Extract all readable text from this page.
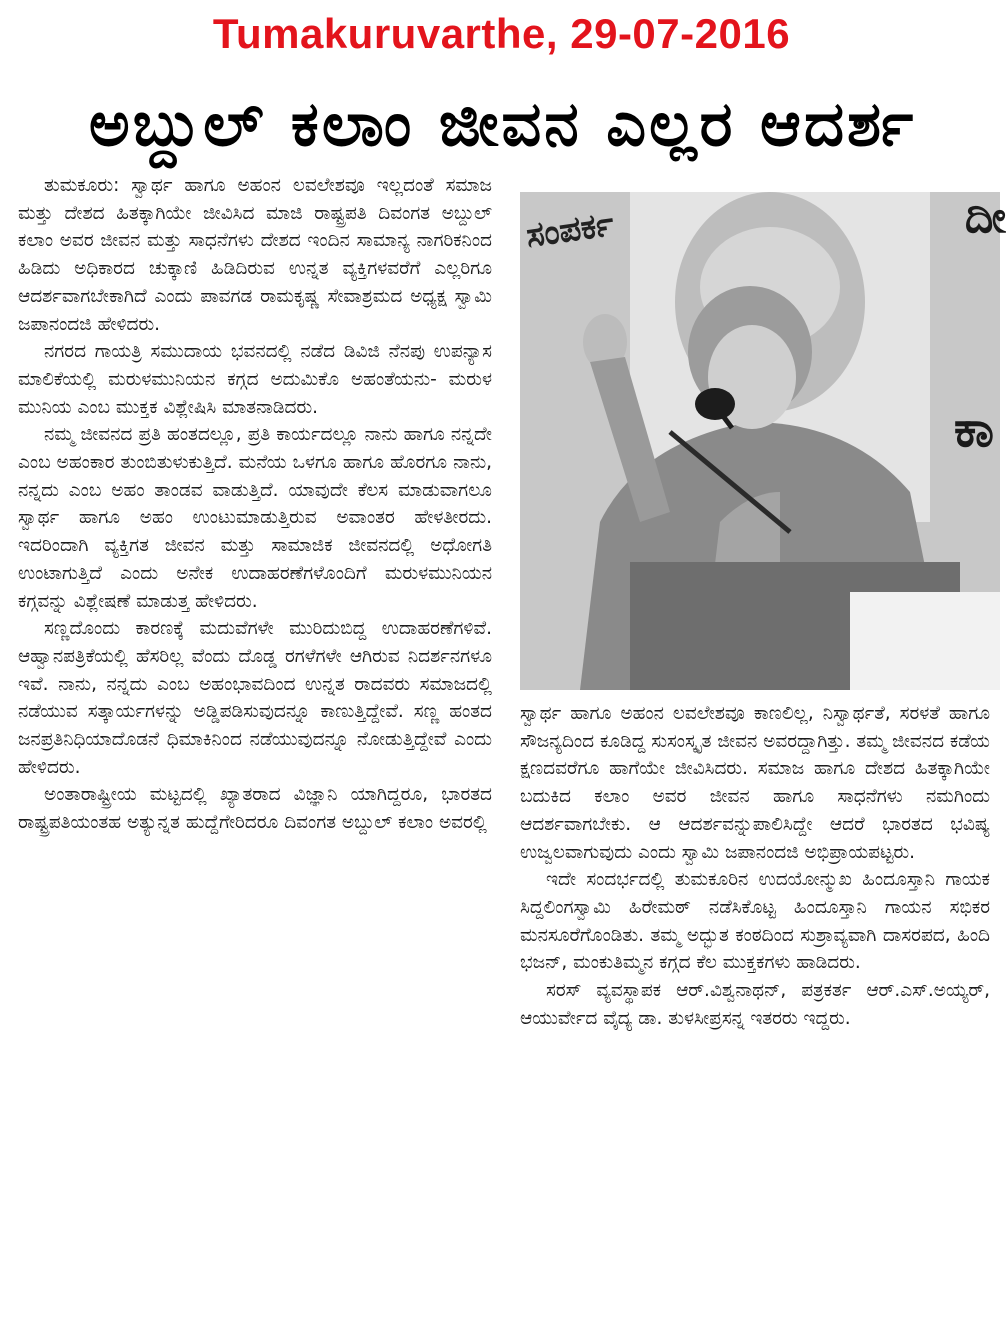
Tumakuruvarthe, 29-07-2016
ಅಬ್ದುಲ್ ಕಲಾಂ ಜೀವನ ಎಲ್ಲರ ಆದರ್ಶ

ತುಮಕೂರು: ಸ್ವಾರ್ಥ ಹಾಗೂ ಅಹಂನ ಲವಲೇಶವೂ ಇಲ್ಲದಂತೆ ಸಮಾಜ ಮತ್ತು ದೇಶದ ಹಿತಕ್ಕಾಗಿಯೇ ಜೀವಿಸಿದ ಮಾಜಿ ರಾಷ್ಟ್ರಪತಿ ದಿವಂಗತ ಅಬ್ದುಲ್ ಕಲಾಂ ಅವರ ಜೀವನ ಮತ್ತು ಸಾಧನೆಗಳು ದೇಶದ ಇಂದಿನ ಸಾಮಾನ್ಯ ನಾಗರಿಕನಿಂದ ಹಿಡಿದು ಅಧಿಕಾರದ ಚುಕ್ಕಾಣಿ ಹಿಡಿದಿರುವ ಉನ್ನತ ವ್ಯಕ್ತಿಗಳವರೆಗೆ ಎಲ್ಲರಿಗೂ ಆದರ್ಶವಾಗಬೇಕಾಗಿದೆ ಎಂದು ಪಾವಗಡ ರಾಮಕೃಷ್ಣ ಸೇವಾಶ್ರಮದ ಅಧ್ಯಕ್ಷ ಸ್ವಾಮಿ ಜಪಾನಂದಜಿ ಹೇಳಿದರು.

ನಗರದ ಗಾಯತ್ರಿ ಸಮುದಾಯ ಭವನದಲ್ಲಿ ನಡೆದ ಡಿವಿಜಿ ನೆನಪು ಉಪನ್ಯಾಸ ಮಾಲಿಕೆಯಲ್ಲಿ ಮರುಳಮುನಿಯನ ಕಗ್ಗದ ಅದುಮಿಕೊ ಅಹಂತೆಯನು- ಮರುಳ ಮುನಿಯ ಎಂಬ ಮುಕ್ತಕ ವಿಶ್ಲೇಷಿಸಿ ಮಾತನಾಡಿದರು.

ನಮ್ಮ ಜೀವನದ ಪ್ರತಿ ಹಂತದಲ್ಲೂ, ಪ್ರತಿ ಕಾರ್ಯದಲ್ಲೂ ನಾನು ಹಾಗೂ ನನ್ನದೇ ಎಂಬ ಅಹಂಕಾರ ತುಂಬಿತುಳುಕುತ್ತಿದೆ. ಮನೆಯ ಒಳಗೂ ಹಾಗೂ ಹೊರಗೂ ನಾನು, ನನ್ನದು ಎಂಬ ಅಹಂ ತಾಂಡವ ವಾಡುತ್ತಿದೆ. ಯಾವುದೇ ಕೆಲಸ ಮಾಡುವಾಗಲೂ ಸ್ವಾರ್ಥ ಹಾಗೂ ಅಹಂ ಉಂಟುಮಾಡುತ್ತಿರುವ ಅವಾಂತರ ಹೇಳತೀರದು. ಇದರಿಂದಾಗಿ ವ್ಯಕ್ತಿಗತ ಜೀವನ ಮತ್ತು ಸಾಮಾಜಿಕ ಜೀವನದಲ್ಲಿ ಅಧೋಗತಿ ಉಂಟಾಗುತ್ತಿದೆ ಎಂದು ಅನೇಕ ಉದಾಹರಣೆಗಳೊಂದಿಗೆ ಮರುಳಮುನಿಯನ ಕಗ್ಗವನ್ನು ವಿಶ್ಲೇಷಣೆ ಮಾಡುತ್ತ ಹೇಳಿದರು.

ಸಣ್ಣದೊಂದು ಕಾರಣಕ್ಕೆ ಮದುವೆಗಳೇ ಮುರಿದುಬಿದ್ದ ಉದಾಹರಣೆಗಳಿವೆ. ಆಹ್ವಾನಪತ್ರಿಕೆಯಲ್ಲಿ ಹೆಸರಿಲ್ಲ ವೆಂದು ದೊಡ್ಡ ರಗಳೆಗಳೇ ಆಗಿರುವ ನಿದರ್ಶನಗಳೂ ಇವೆ. ನಾನು, ನನ್ನದು ಎಂಬ ಅಹಂಭಾವದಿಂದ ಉನ್ನತ ರಾದವರು ಸಮಾಜದಲ್ಲಿ ನಡೆಯುವ ಸತ್ಕಾರ್ಯಗಳನ್ನು ಅಡ್ಡಿಪಡಿಸುವುದನ್ನೂ ಕಾಣುತ್ತಿದ್ದೇವೆ. ಸಣ್ಣ ಹಂತದ ಜನಪ್ರತಿನಿಧಿಯಾದೊಡನೆ ಧಿಮಾಕಿನಿಂದ ನಡೆಯುವುದನ್ನೂ ನೋಡುತ್ತಿದ್ದೇವೆ ಎಂದು ಹೇಳಿದರು.

ಅಂತಾರಾಷ್ಟ್ರೀಯ ಮಟ್ಟದಲ್ಲಿ ಖ್ಯಾತರಾದ ವಿಜ್ಞಾನಿ ಯಾಗಿದ್ದರೂ, ಭಾರತದ ರಾಷ್ಟ್ರಪತಿಯಂತಹ ಅತ್ಯುನ್ನತ ಹುದ್ದೆಗೇರಿದರೂ ದಿವಂಗತ ಅಬ್ದುಲ್ ಕಲಾಂ ಅವರಲ್ಲಿ

ಸಂಪರ್ಕ	ದೀ
ಕಾ

ಸ್ವಾರ್ಥ ಹಾಗೂ ಅಹಂನ ಲವಲೇಶವೂ ಕಾಣಲಿಲ್ಲ, ನಿಸ್ವಾರ್ಥತೆ, ಸರಳತೆ ಹಾಗೂ ಸೌಜನ್ಯದಿಂದ ಕೂಡಿದ್ದ ಸುಸಂಸ್ಕೃತ ಜೀವನ ಅವರದ್ದಾಗಿತ್ತು. ತಮ್ಮ ಜೀವನದ ಕಡೆಯ ಕ್ಷಣದವರೆಗೂ ಹಾಗೆಯೇ ಜೀವಿಸಿದರು. ಸಮಾಜ ಹಾಗೂ ದೇಶದ ಹಿತಕ್ಕಾಗಿಯೇ ಬದುಕಿದ ಕಲಾಂ ಅವರ ಜೀವನ ಹಾಗೂ ಸಾಧನೆಗಳು ನಮಗಿಂದು ಆದರ್ಶವಾಗಬೇಕು. ಆ ಆದರ್ಶವನ್ನುಪಾಲಿಸಿದ್ದೇ ಆದರೆ ಭಾರತದ ಭವಿಷ್ಯ ಉಜ್ವಲವಾಗುವುದು ಎಂದು ಸ್ವಾಮಿ ಜಪಾನಂದಜಿ ಅಭಿಪ್ರಾಯಪಟ್ಟರು.

ಇದೇ ಸಂದರ್ಭದಲ್ಲಿ ತುಮಕೂರಿನ ಉದಯೋನ್ಮುಖ ಹಿಂದೂಸ್ತಾನಿ ಗಾಯಕ ಸಿದ್ದಲಿಂಗಸ್ವಾಮಿ ಹಿರೇಮಠ್ ನಡೆಸಿಕೊಟ್ಟ ಹಿಂದೂಸ್ತಾನಿ ಗಾಯನ ಸಭಿಕರ ಮನಸೂರೆಗೊಂಡಿತು. ತಮ್ಮ ಅದ್ಭುತ ಕಂಠದಿಂದ ಸುಶ್ರಾವ್ಯವಾಗಿ ದಾಸರಪದ, ಹಿಂದಿ ಭಜನ್, ಮಂಕುತಿಮ್ಮನ ಕಗ್ಗದ ಕೆಲ ಮುಕ್ತಕಗಳು ಹಾಡಿದರು.

ಸರಸ್ ವ್ಯವಸ್ಥಾಪಕ ಆರ್.ವಿಶ್ವನಾಥನ್, ಪತ್ರಕರ್ತ ಆರ್.ಎಸ್.ಅಯ್ಯರ್, ಆಯುರ್ವೇದ ವೈದ್ಯ ಡಾ. ತುಳಸೀಪ್ರಸನ್ನ ಇತರರು ಇದ್ದರು.
